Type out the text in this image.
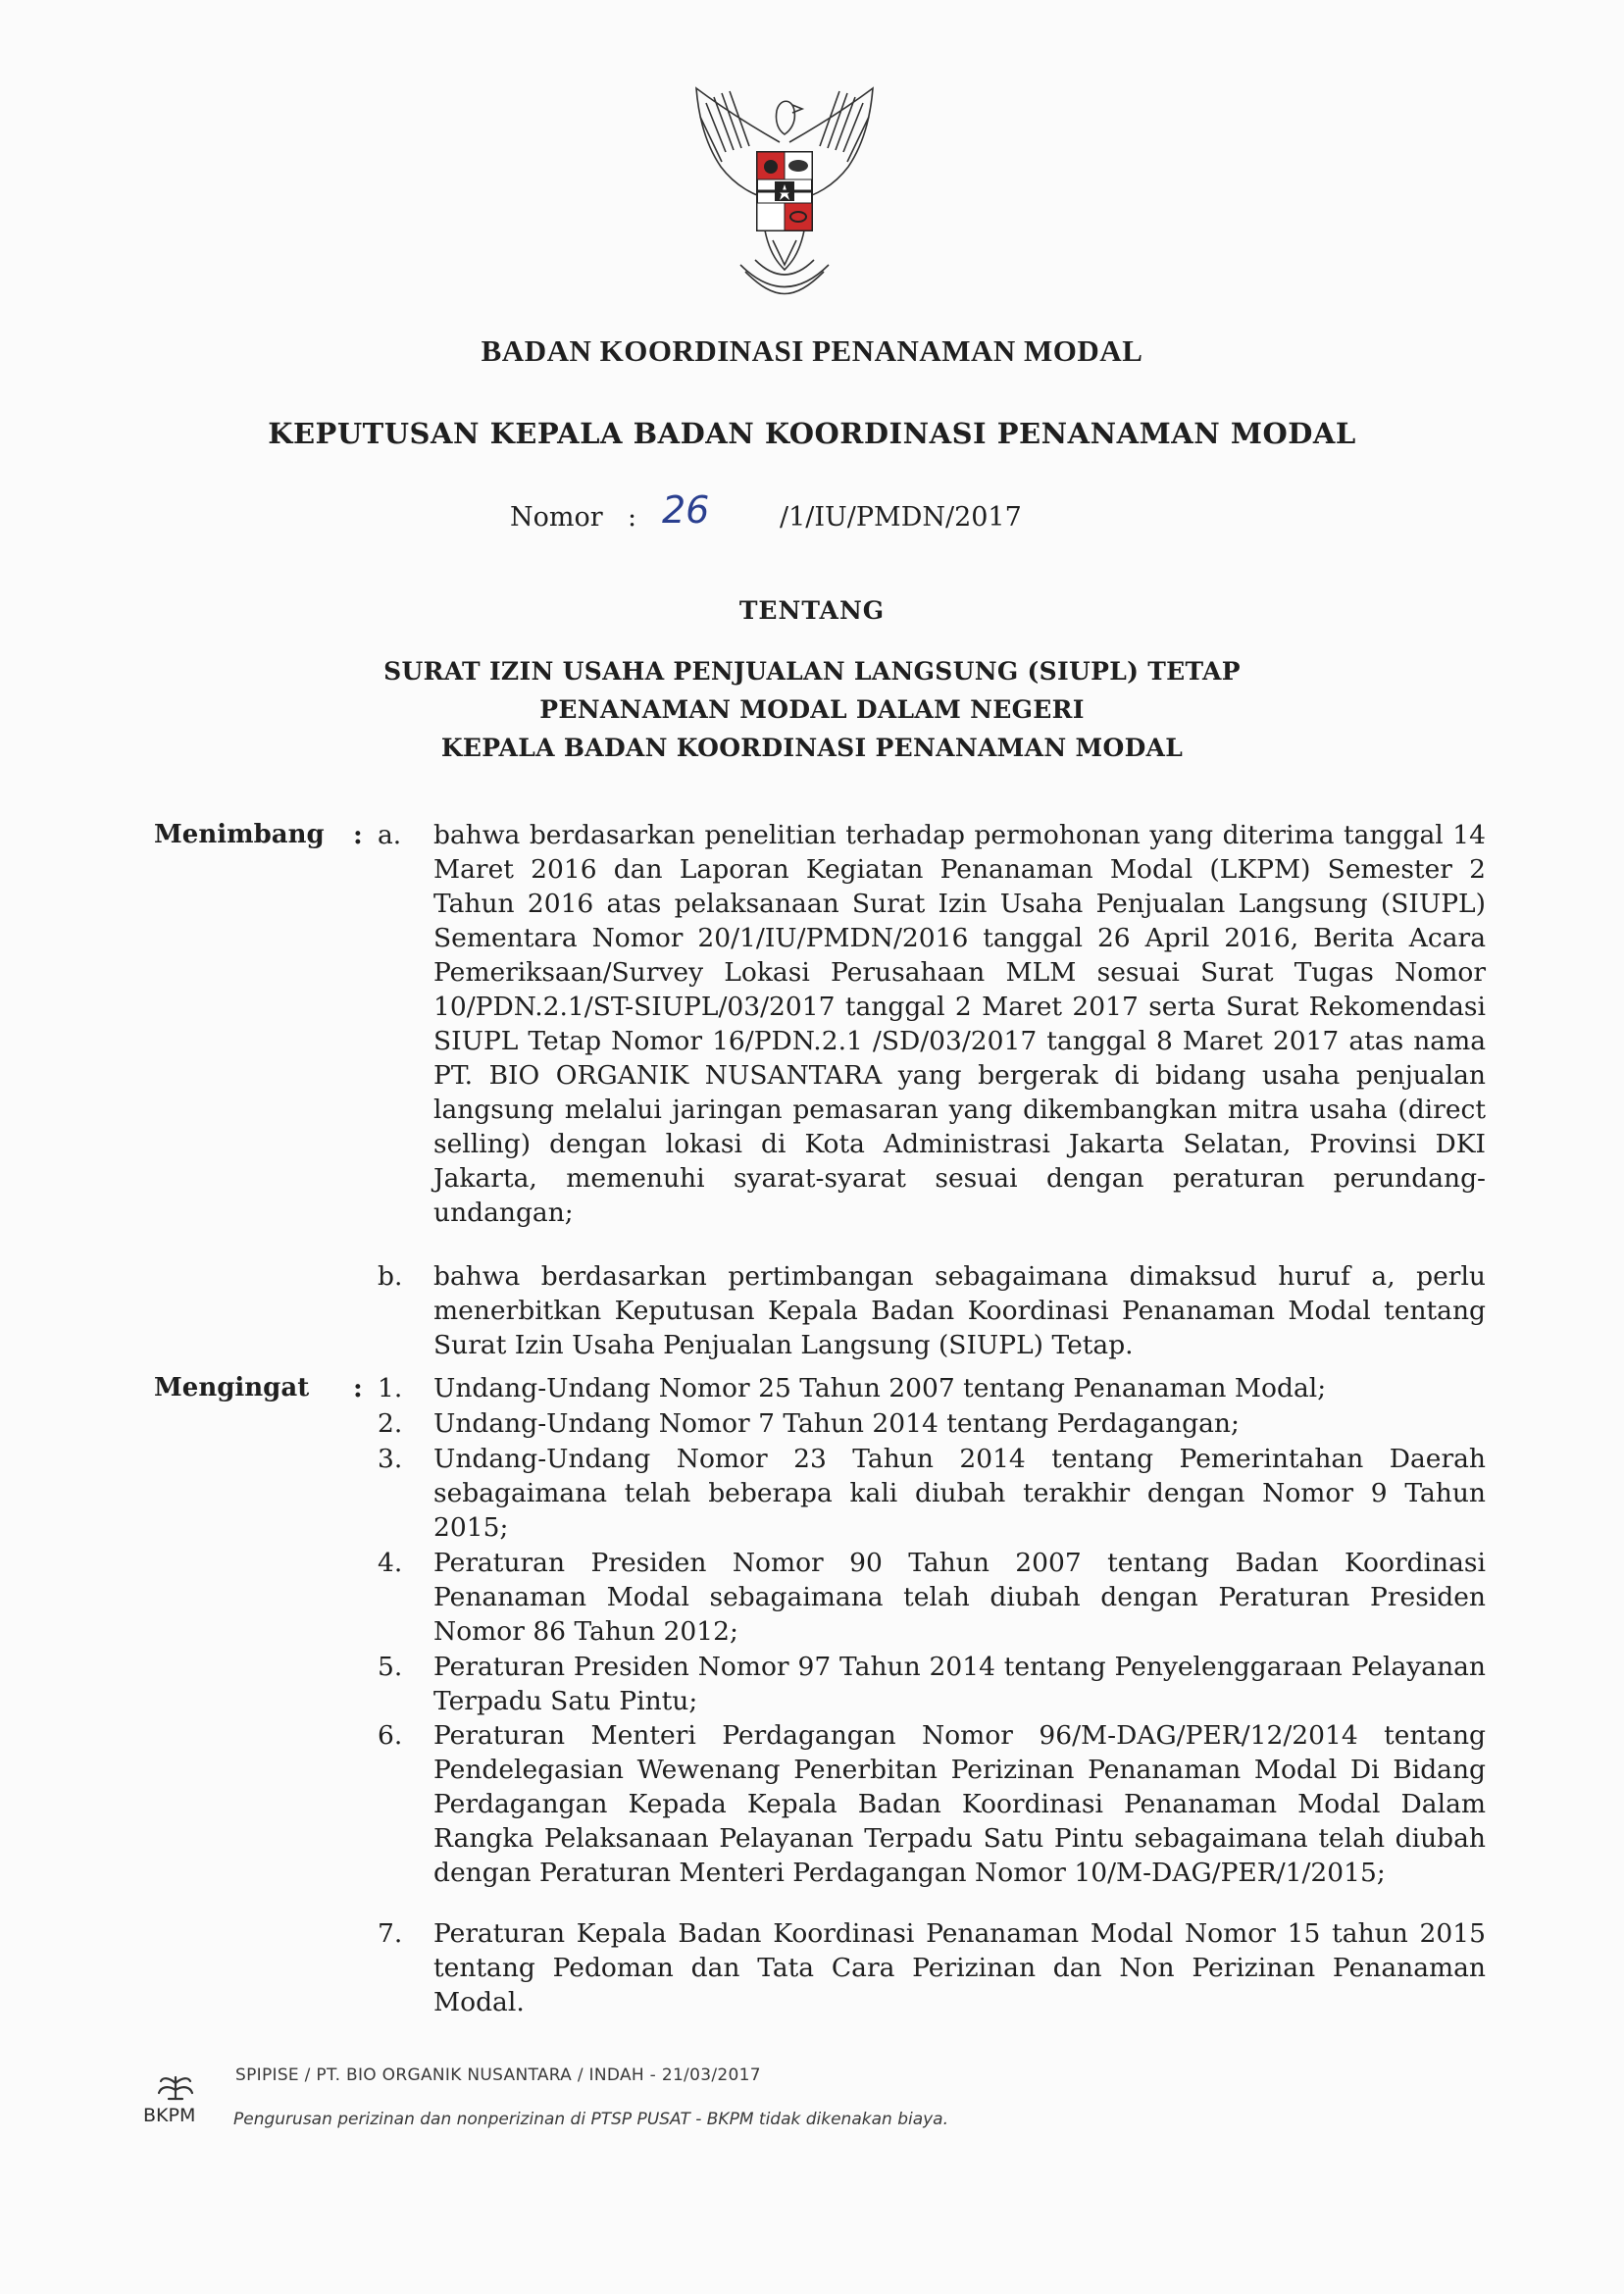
BADAN KOORDINASI PENANAMAN MODAL
KEPUTUSAN KEPALA BADAN KOORDINASI PENANAMAN MODAL
Nomor : 26	/1/IU/PMDN/2017
TENTANG
SURAT IZIN USAHA PENJUALAN LANGSUNG (SIUPL) TETAP
PENANAMAN MODAL DALAM NEGERI
KEPALA BADAN KOORDINASI PENANAMAN MODAL
Menimbang : a.	bahwa berdasarkan penelitian terhadap permohonan yang diterima tanggal 14 Maret 2016 dan Laporan Kegiatan Penanaman Modal (LKPM) Semester 2 Tahun 2016 atas pelaksanaan Surat Izin Usaha Penjualan Langsung (SIUPL) Sementara Nomor 20/1/IU/PMDN/2016 tanggal 26 April 2016, Berita Acara Pemeriksaan/Survey Lokasi Perusahaan MLM sesuai Surat Tugas Nomor 10/PDN.2.1/ST-SIUPL/03/2017 tanggal 2 Maret 2017 serta Surat Rekomendasi SIUPL Tetap Nomor 16/PDN.2.1 /SD/03/2017 tanggal 8 Maret 2017 atas nama PT. BIO ORGANIK NUSANTARA yang bergerak di bidang usaha penjualan langsung melalui jaringan pemasaran yang dikembangkan mitra usaha (direct selling) dengan lokasi di Kota Administrasi Jakarta Selatan, Provinsi DKI Jakarta, memenuhi syarat-syarat sesuai dengan peraturan perundang-undangan;
b.	bahwa berdasarkan pertimbangan sebagaimana dimaksud huruf a, perlu menerbitkan Keputusan Kepala Badan Koordinasi Penanaman Modal tentang Surat Izin Usaha Penjualan Langsung (SIUPL) Tetap.
Mengingat : 1.	Undang-Undang Nomor 25 Tahun 2007 tentang Penanaman Modal;
2.	Undang-Undang Nomor 7 Tahun 2014 tentang Perdagangan;
3.	Undang-Undang Nomor 23 Tahun 2014 tentang Pemerintahan Daerah sebagaimana telah beberapa kali diubah terakhir dengan Nomor 9 Tahun 2015;
4.	Peraturan Presiden Nomor 90 Tahun 2007 tentang Badan Koordinasi Penanaman Modal sebagaimana telah diubah dengan Peraturan Presiden Nomor 86 Tahun 2012;
5.	Peraturan Presiden Nomor 97 Tahun 2014 tentang Penyelenggaraan Pelayanan Terpadu Satu Pintu;
6.	Peraturan Menteri Perdagangan Nomor 96/M-DAG/PER/12/2014 tentang Pendelegasian Wewenang Penerbitan Perizinan Penanaman Modal Di Bidang Perdagangan Kepada Kepala Badan Koordinasi Penanaman Modal Dalam Rangka Pelaksanaan Pelayanan Terpadu Satu Pintu sebagaimana telah diubah dengan Peraturan Menteri Perdagangan Nomor 10/M-DAG/PER/1/2015;
7.	Peraturan Kepala Badan Koordinasi Penanaman Modal Nomor 15 tahun 2015 tentang Pedoman dan Tata Cara Perizinan dan Non Perizinan Penanaman Modal.
BKPM
SPIPISE / PT. BIO ORGANIK NUSANTARA / INDAH - 21/03/2017
Pengurusan perizinan dan nonperizinan di PTSP PUSAT - BKPM tidak dikenakan biaya.
